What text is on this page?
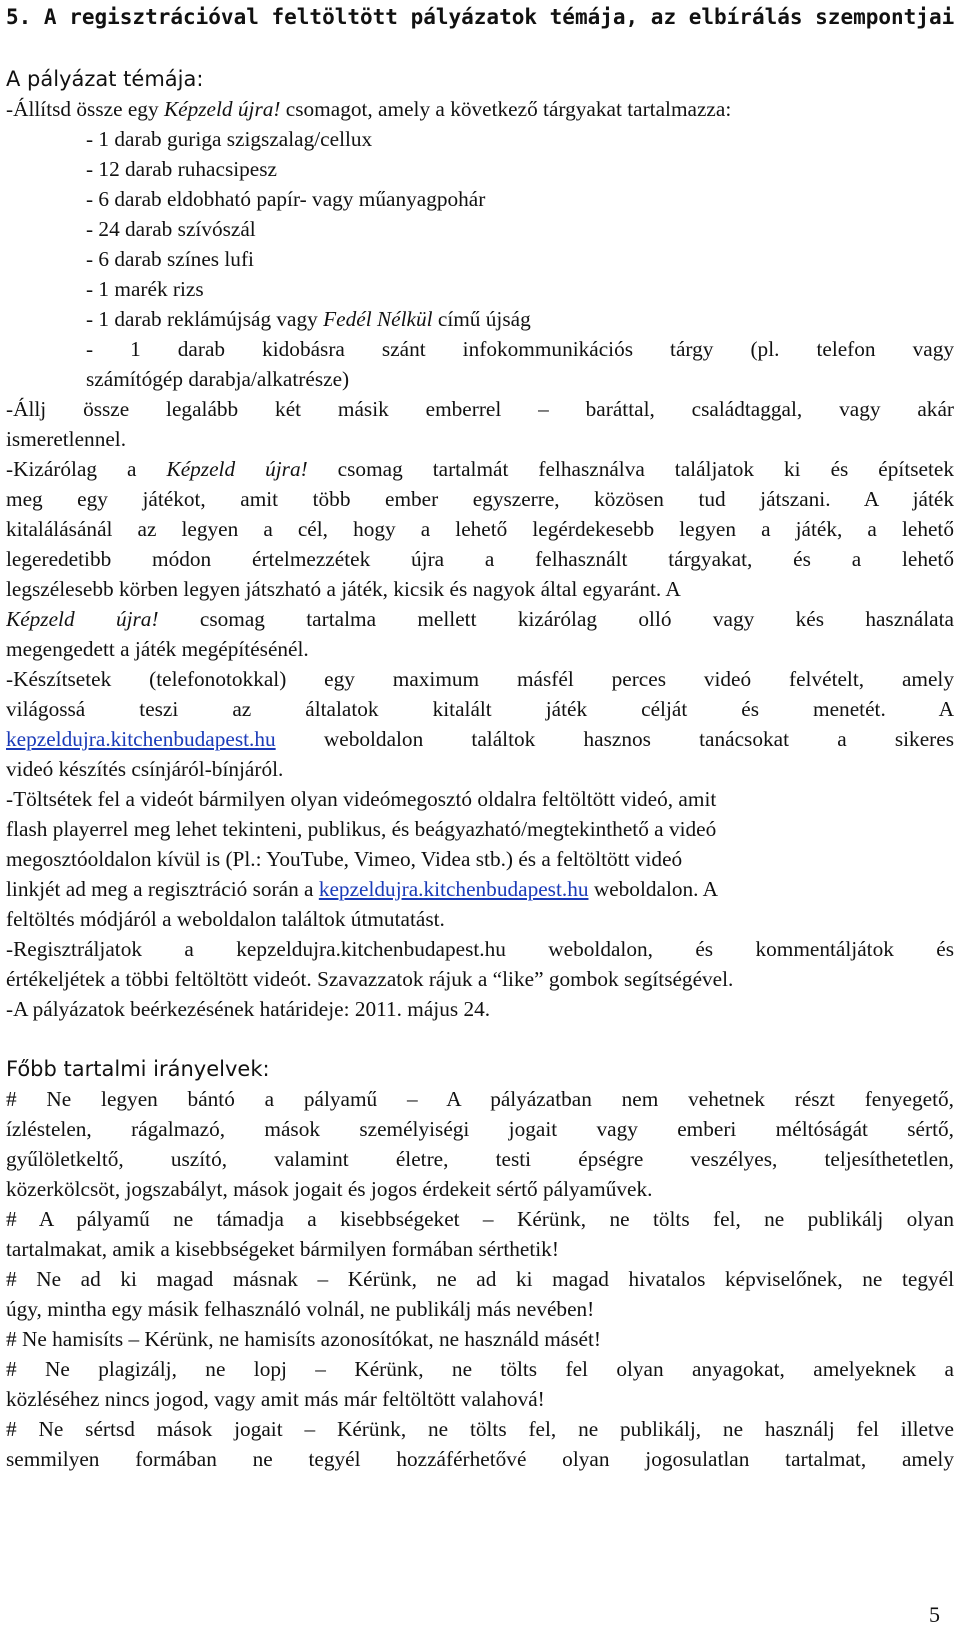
5. A regisztrációval feltöltött pályázatok témája, az elbírálás szempontjai
A pályázat témája:
-Állítsd össze egy Képzeld újra! csomagot, amely a következő tárgyakat tartalmazza:
- 1 darab guriga szigszalag/cellux
- 12 darab ruhacsipesz
- 6 darab eldobható papír- vagy műanyagpohár
- 24 darab szívószál
- 6 darab színes lufi
- 1 marék rizs
- 1 darab reklámújság vagy Fedél Nélkül című újság
- 1 darab kidobásra szánt infokommunikációs tárgy (pl. telefon vagy
számítógép darabja/alkatrésze)
-Állj össze legalább két másik emberrel – baráttal, családtaggal, vagy akár
ismeretlennel.
-Kizárólag a Képzeld újra! csomag tartalmát felhasználva találjatok ki és építsetek
meg egy játékot, amit több ember egyszerre, közösen tud játszani. A játék
kitalálásánál az legyen a cél, hogy a lehető legérdekesebb legyen a játék, a lehető
legeredetibb módon értelmezzétek újra a felhasznált tárgyakat, és a lehető
legszélesebb körben legyen játszható a játék, kicsik és nagyok által egyaránt. A
Képzeld újra! csomag tartalma mellett kizárólag olló vagy kés használata
megengedett a játék megépítésénél.
-Készítsetek (telefonotokkal) egy maximum másfél perces videó felvételt, amely
világossá teszi az általatok kitalált játék célját és menetét. A
kepzeldujra.kitchenbudapest.hu weboldalon találtok hasznos tanácsokat a sikeres
videó készítés csínjáról-bínjáról.
-Töltsétek fel a videót bármilyen olyan videómegosztó oldalra feltöltött videó, amit
flash playerrel meg lehet tekinteni, publikus, és beágyazható/megtekinthető a videó
megosztóoldalon kívül is (Pl.: YouTube, Vimeo, Videa stb.) és a feltöltött videó
linkjét ad meg a regisztráció során a kepzeldujra.kitchenbudapest.hu weboldalon. A
feltöltés módjáról a weboldalon találtok útmutatást.
-Regisztráljatok a kepzeldujra.kitchenbudapest.hu weboldalon, és kommentáljátok és
értékeljétek a többi feltöltött videót. Szavazzatok rájuk a “like” gombok segítségével.
-A pályázatok beérkezésének határideje: 2011. május 24.
Főbb tartalmi irányelvek:
# Ne legyen bántó a pályamű – A pályázatban nem vehetnek részt fenyegető,
ízléstelen, rágalmazó, mások személyiségi jogait vagy emberi méltóságát sértő,
gyűlöletkeltő, uszító, valamint életre, testi épségre veszélyes, teljesíthetetlen,
közerkölcsöt, jogszabályt, mások jogait és jogos érdekeit sértő pályaművek.
# A pályamű ne támadja a kisebbségeket – Kérünk, ne tölts fel, ne publikálj olyan
tartalmakat, amik a kisebbségeket bármilyen formában sérthetik!
# Ne ad ki magad másnak – Kérünk, ne ad ki magad hivatalos képviselőnek, ne tegyél
úgy, mintha egy másik felhasználó volnál, ne publikálj más nevében!
# Ne hamisíts – Kérünk, ne hamisíts azonosítókat, ne használd másét!
# Ne plagizálj, ne lopj – Kérünk, ne tölts fel olyan anyagokat, amelyeknek a
közléséhez nincs jogod, vagy amit más már feltöltött valahová!
# Ne sértsd mások jogait – Kérünk, ne tölts fel, ne publikálj, ne használj fel illetve
semmilyen formában ne tegyél hozzáférhetővé olyan jogosulatlan tartalmat, amely
5
